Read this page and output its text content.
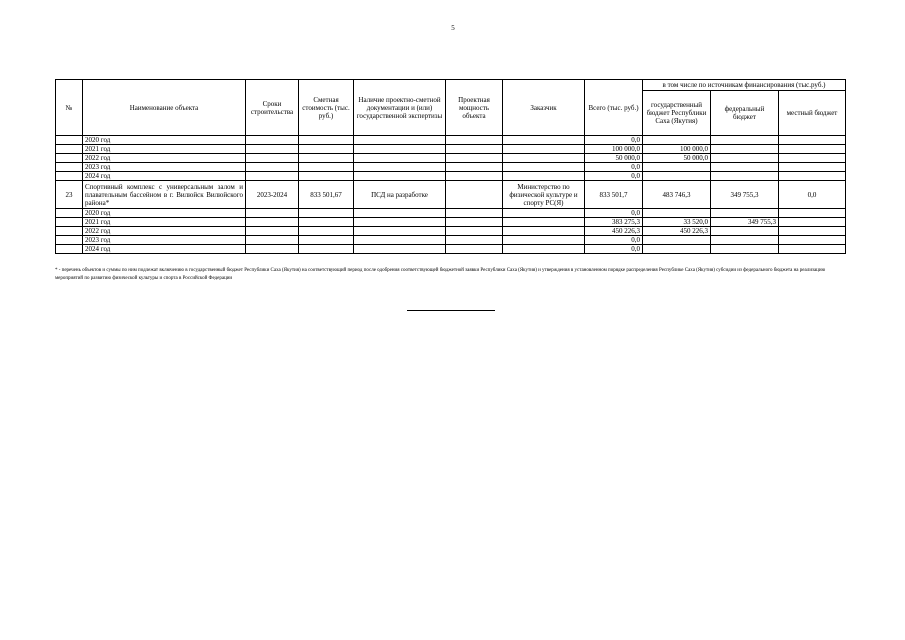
5
№	Наименование объекта	Сроки строительства	Сметная стоимость (тыс. руб.)	Наличие проектно-сметной документации и (или) государственной экспертизы	Проектная мощность объекта	Заказчик	Всего (тыс. руб.)	в том числе по источникам финансирования (тыс.руб.)		
								государственный бюджет Республики Саха (Якутия)	федеральный бюджет	местный бюджет
	2020 год						0,0			
	2021 год						100 000,0	100 000,0		
	2022 год						50 000,0	50 000,0		
	2023 год						0,0			
	2024 год						0,0			
23	Спортивный комплекс с универсальным залом и плавательным бассейном в г. Вилюйск Вилюйского района*	2023-2024	833 501,67	ПСД на разработке		Министерство по физической культуре и спорту РС(Я)	833 501,7	483 746,3	349 755,3	0,0
	2020 год						0,0			
	2021 год						383 275,3	33 520,0	349 755,3	
	2022 год						450 226,3	450 226,3		
	2023 год						0,0			
	2024 год						0,0			
* - перечень объектов и суммы по ним подлежат включению в государственный бюджет Республики Саха (Якутия) на соответствующий период после одобрения соответствующей бюджетной заявки Республики Саха (Якутия) и утверждения в установленном порядке распределения Республике Саха (Якутия) субсидии из федерального бюджета на реализацию мероприятий по развитию физической культуры и спорта в Российской Федерации
